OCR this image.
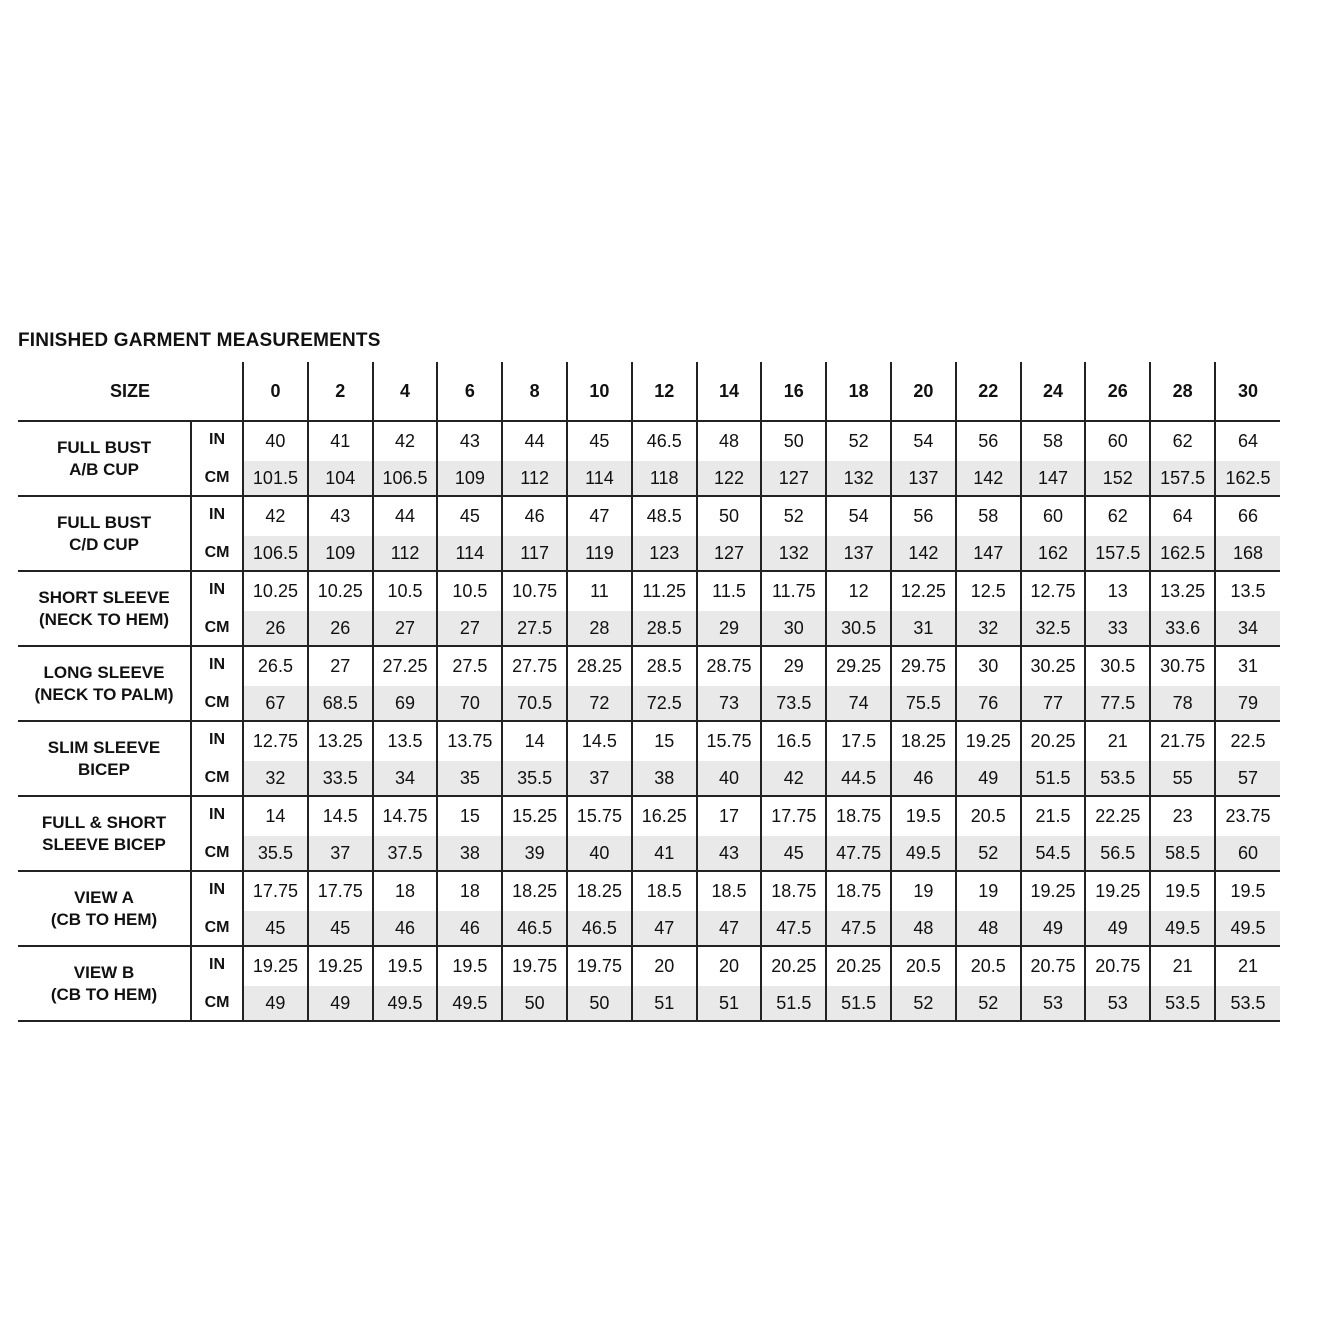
FINISHED GARMENT MEASUREMENTS
SIZE		0	2	4	6	8	10	12	14	16	18	20	22	24	26	28	30

FULL BUST
A/B CUP	IN	40	41	42	43	44	45	46.5	48	50	52	54	56	58	60	62	64
	CM	101.5	104	106.5	109	112	114	118	122	127	132	137	142	147	152	157.5	162.5

FULL BUST
C/D CUP	IN	42	43	44	45	46	47	48.5	50	52	54	56	58	60	62	64	66
	CM	106.5	109	112	114	117	119	123	127	132	137	142	147	162	157.5	162.5	168

SHORT SLEEVE
(NECK TO HEM)	IN	10.25	10.25	10.5	10.5	10.75	11	11.25	11.5	11.75	12	12.25	12.5	12.75	13	13.25	13.5
	CM	26	26	27	27	27.5	28	28.5	29	30	30.5	31	32	32.5	33	33.6	34

LONG SLEEVE
(NECK TO PALM)	IN	26.5	27	27.25	27.5	27.75	28.25	28.5	28.75	29	29.25	29.75	30	30.25	30.5	30.75	31
	CM	67	68.5	69	70	70.5	72	72.5	73	73.5	74	75.5	76	77	77.5	78	79

SLIM SLEEVE
BICEP	IN	12.75	13.25	13.5	13.75	14	14.5	15	15.75	16.5	17.5	18.25	19.25	20.25	21	21.75	22.5
	CM	32	33.5	34	35	35.5	37	38	40	42	44.5	46	49	51.5	53.5	55	57

FULL & SHORT
SLEEVE BICEP	IN	14	14.5	14.75	15	15.25	15.75	16.25	17	17.75	18.75	19.5	20.5	21.5	22.25	23	23.75
	CM	35.5	37	37.5	38	39	40	41	43	45	47.75	49.5	52	54.5	56.5	58.5	60

VIEW A
(CB TO HEM)	IN	17.75	17.75	18	18	18.25	18.25	18.5	18.5	18.75	18.75	19	19	19.25	19.25	19.5	19.5
	CM	45	45	46	46	46.5	46.5	47	47	47.5	47.5	48	48	49	49	49.5	49.5

VIEW B
(CB TO HEM)	IN	19.25	19.25	19.5	19.5	19.75	19.75	20	20	20.25	20.25	20.5	20.5	20.75	20.75	21	21
	CM	49	49	49.5	49.5	50	50	51	51	51.5	51.5	52	52	53	53	53.5	53.5
